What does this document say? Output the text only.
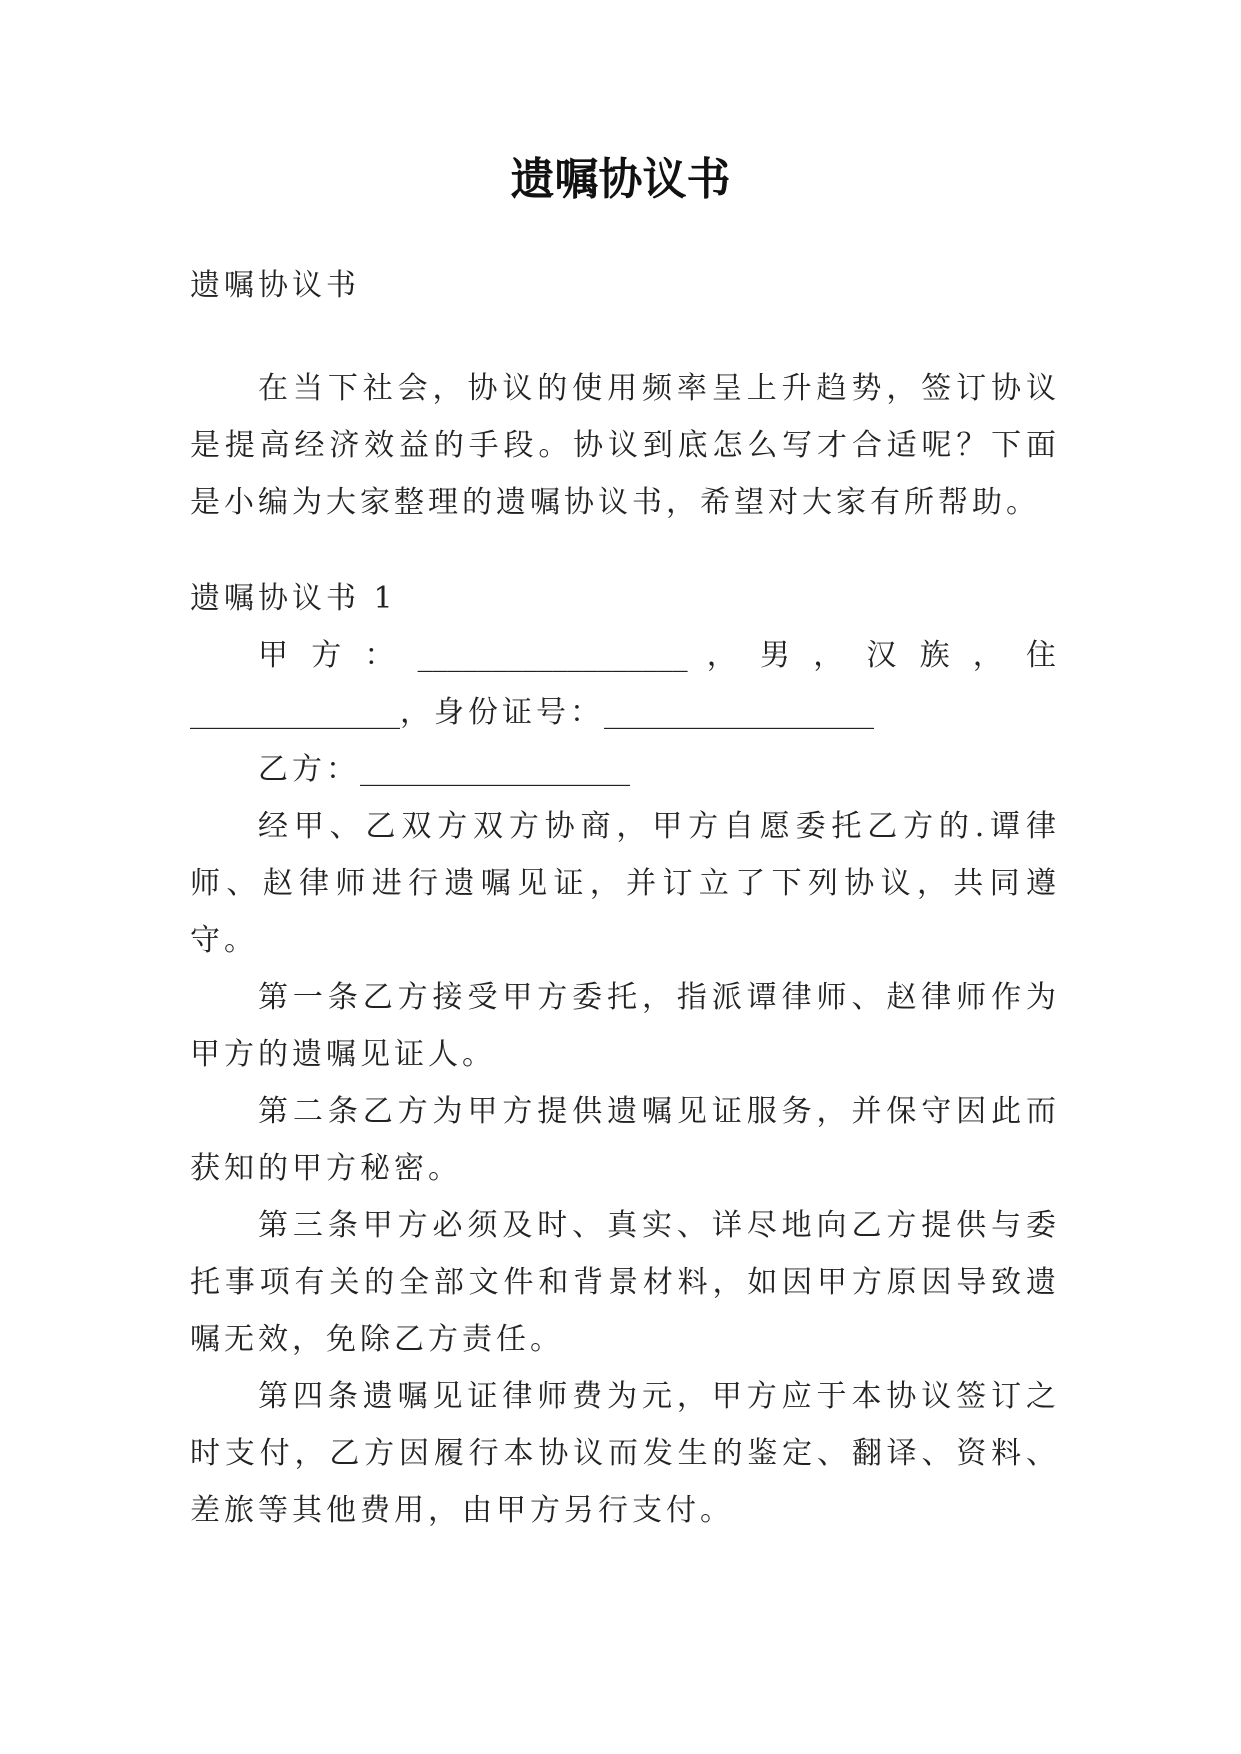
遗嘱协议书

遗嘱协议书

在当下社会，协议的使用频率呈上升趋势，签订协议是提高经济效益的手段。协议到底怎么写才合适呢？下面是小编为大家整理的遗嘱协议书，希望对大家有所帮助。

遗嘱协议书 1

甲方：__________________，男，汉族，住

______________，身份证号：__________________

乙方：__________________

经甲、乙双方双方协商，甲方自愿委托乙方的.谭律师、赵律师进行遗嘱见证，并订立了下列协议，共同遵守。

第一条乙方接受甲方委托，指派谭律师、赵律师作为甲方的遗嘱见证人。

第二条乙方为甲方提供遗嘱见证服务，并保守因此而获知的甲方秘密。

第三条甲方必须及时、真实、详尽地向乙方提供与委托事项有关的全部文件和背景材料，如因甲方原因导致遗嘱无效，免除乙方责任。

第四条遗嘱见证律师费为元，甲方应于本协议签订之时支付，乙方因履行本协议而发生的鉴定、翻译、资料、差旅等其他费用，由甲方另行支付。
